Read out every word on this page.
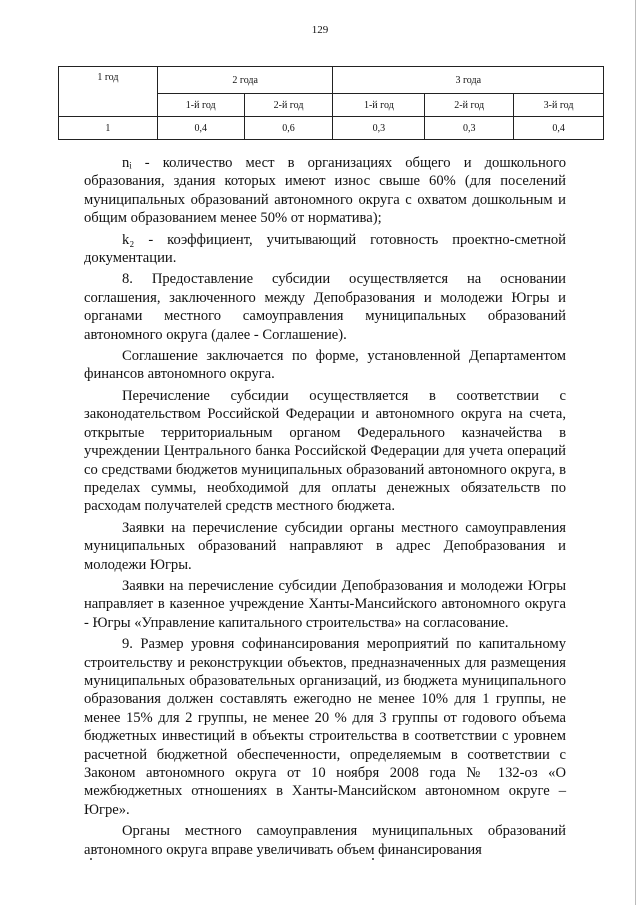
129
1 год	2 года		3 года		
	1-й год	2-й год	1-й год	2-й год	3-й год
1	0,4	0,6	0,3	0,3	0,4

nᵢ - количество мест в организациях общего и дошкольного образования, здания которых имеют износ свыше 60% (для поселений муниципальных образований автономного округа с охватом дошкольным и общим образованием менее 50% от норматива);

k₂ - коэффициент, учитывающий готовность проектно-сметной документации.

8. Предоставление субсидии осуществляется на основании соглашения, заключенного между Депобразования и молодежи Югры и органами местного самоуправления муниципальных образований автономного округа (далее - Соглашение).

Соглашение заключается по форме, установленной Департаментом финансов автономного округа.

Перечисление субсидии осуществляется в соответствии с законодательством Российской Федерации и автономного округа на счета, открытые территориальным органом Федерального казначейства в учреждении Центрального банка Российской Федерации для учета операций со средствами бюджетов муниципальных образований автономного округа, в пределах суммы, необходимой для оплаты денежных обязательств по расходам получателей средств местного бюджета.

Заявки на перечисление субсидии органы местного самоуправления муниципальных образований направляют в адрес Депобразования и молодежи Югры.

Заявки на перечисление субсидии Депобразования и молодежи Югры направляет в казенное учреждение Ханты-Мансийского автономного округа - Югры «Управление капитального строительства» на согласование.

9. Размер уровня софинансирования мероприятий по капитальному строительству и реконструкции объектов, предназначенных для размещения муниципальных образовательных организаций, из бюджета муниципального образования должен составлять ежегодно не менее 10% для 1 группы, не менее 15% для 2 группы, не менее 20 % для 3 группы от годового объема бюджетных инвестиций в объекты строительства в соответствии с уровнем расчетной бюджетной обеспеченности, определяемым в соответствии с Законом автономного округа от 10 ноября 2008 года № 132-оз «О межбюджетных отношениях в Ханты-Мансийском автономном округе – Югре».

Органы местного самоуправления муниципальных образований автономного округа вправе увеличивать объем финансирования
